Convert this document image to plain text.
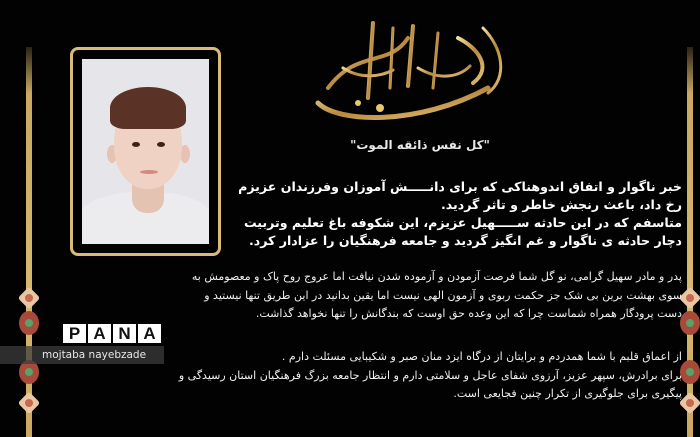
"کل نفس ذائقه الموت"
خبر ناگوار و اتفاق اندوهناکی که برای دانـــــش آموزان وفرزندان عزیزم
رخ داد، باعث رنجش خاطر و تاثر گردید.
متاسفم که در این حادثه ســـــهیل عزیزم، این شکوفه باغ تعلیم وتربیت
دچار حادثه ی ناگوار و غم انگیز گردید و جامعه فرهنگیان را عزادار کرد.
پدر و مادر سهیل گرامی، نو گل شما فرصت آزمودن و آزموده شدن نیافت اما عروج روح پاک و معصومش به
سوی بهشت برین بی شک جز حکمت ربوی و آزمون الهی نیست اما یقین بدانید در این طریق تنها نیستید و
دست پرودگار همراه شماست چرا که این وعده حق اوست که بندگانش را تنها نخواهد گذاشت.
از اعماق قلبم با شما همدردم و برایتان از درگاه ایزد منان صبر و شکیبایی مسئلت دارم .
برای برادرش، سپهر عزیز، آرزوی شفای عاجل و سلامتی دارم و انتظار جامعه بزرگ فرهنگیان استان رسیدگی و
پیگیری برای جلوگیری از تکرار چنین فجایعی است.
P A N A
mojtaba nayebzade
